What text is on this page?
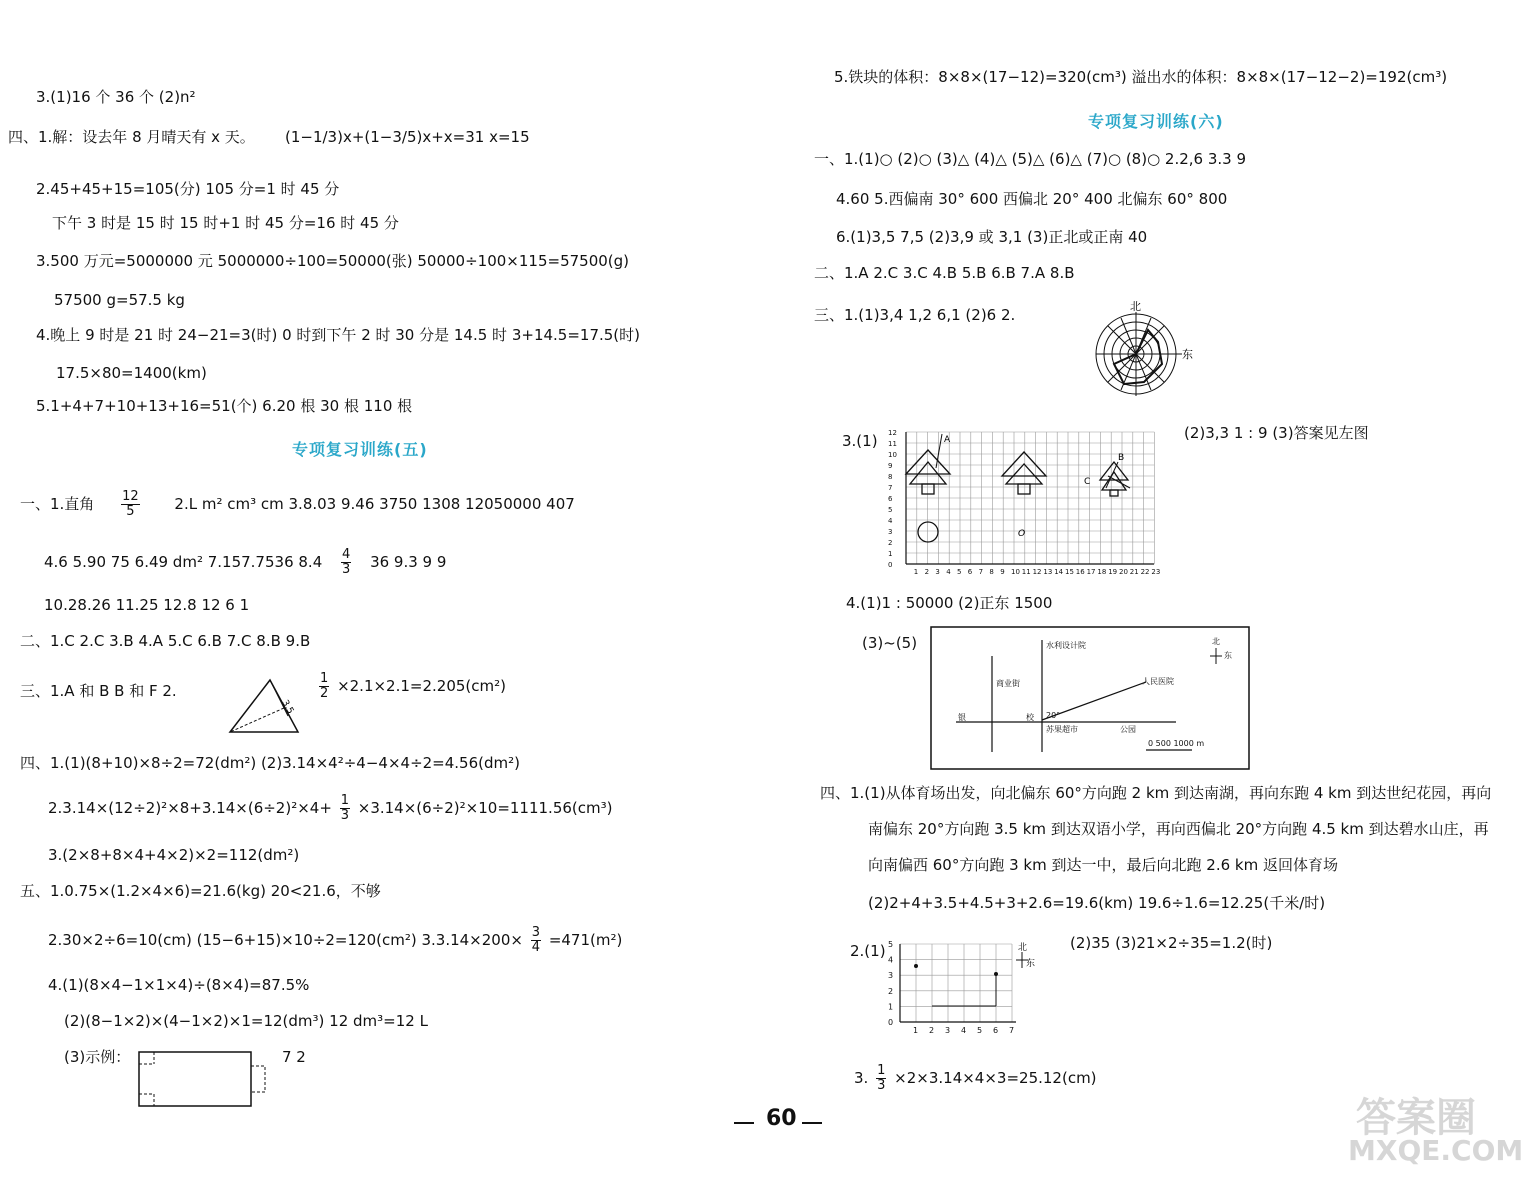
3.(1)16 个 36 个 (2)n²
四、1.解：设去年 8 月晴天有 x 天。 (1−1/3)x+(1−3/5)x+x=31 x=15
2.45+45+15=105(分) 105 分=1 时 45 分
下午 3 时是 15 时 15 时+1 时 45 分=16 时 45 分
3.500 万元=5000000 元 5000000÷100=50000(张) 50000÷100×115=57500(g)
57500 g=57.5 kg
4.晚上 9 时是 21 时 24−21=3(时) 0 时到下午 2 时 30 分是 14.5 时 3+14.5=17.5(时)
17.5×80=1400(km)
5.1+4+7+10+13+16=51(个) 6.20 根 30 根 110 根
专项复习训练(五)
一、1.直角 $\frac{12}{5} 2.L$ m² cm³ cm 3.8.03 9.46 3750 1308 12050000 407
4.6 5.90 75 6.49 dm² 7.157.7536 $8.4 \frac{4}{3} 36$ 9.3 9 9
10.28.26 11.25 12.8 12 6 1
二、1.C 2.C 3.B 4.A 5.C 6.B 7.C 8.B 9.B
三、1.A 和 B B 和 F 2.
3.5
$\frac{1}{2} \times 2.1\times 2.1=2.205(cm^2)$
四、1.(1)(8+10)×8÷2=72(dm²) (2)3.14×4²÷4−4×4÷2=4.56(dm²)
$2.3.14\times(12\div 2)^2\times 8+3.14\times(6\div 2)^2\times 4+ \frac{1}{3} \times 3.14\times(6\div 2)^2\times 10=1111.56(cm^3)$
3.(2×8+8×4+4×2)×2=112(dm²)
五、1.0.75×(1.2×4×6)=21.6(kg) 20<21.6，不够
2.30×2÷6=10(cm) (15−6+15)×10÷2=120(cm²) $3.3.14\times 200\times \frac{3}{4} =471(m^2)$
4.(1)(8×4−1×1×4)÷(8×4)=87.5%
(2)(8−1×2)×(4−1×2)×1=12(dm³) 12 dm³=12 L
(3)示例：	7 2
5.铁块的体积：8×8×(17−12)=320(cm³) 溢出水的体积：8×8×(17−12−2)=192(cm³)
专项复习训练(六)
一、1.(1)○ (2)○ (3)△ (4)△ (5)△ (6)△ (7)○ (8)○ 2.2,6 3.3 9
4.60 5.西偏南 30° 600 西偏北 20° 400 北偏东 60° 800
6.(1)3,5 7,5 (2)3,9 或 3,1 (3)正北或正南 40
二、1.A 2.C 3.C 4.B 5.B 6.B 7.A 8.B
三、1.(1)3,4 1,2 6,1 (2)6 2.	北
东
3.(1)
1 2 3 4 5 6 7 8 9 10 11 12 13 14 15 16 17 18 19 20 21 22 23
12
11
10
9
8
7
6
5
4
3
2
1
0
A
B
C
O
(2)3,3 1 : 9 (3)答案见左图
4.(1)1 : 50000 (2)正东 1500
(3)~(5)	水利设计院
商业街	人民医院
苏果超市
校
公园
银	20°
北
东
0 500 1000 m
四、1.(1)从体育场出发，向北偏东 60°方向跑 2 km 到达南湖，再向东跑 4 km 到达世纪花园，再向
南偏东 20°方向跑 3.5 km 到达双语小学，再向西偏北 20°方向跑 4.5 km 到达碧水山庄，再
向南偏西 60°方向跑 3 km 到达一中，最后向北跑 2.6 km 返回体育场
(2)2+4+3.5+4.5+3+2.6=19.6(km) 19.6÷1.6=12.25(千米/时)
2.(1)
1 2 3 4 5 6 7
5
4
3
2
1
0
北
东
(2)35 (3)21×2÷35=1.2(时)
3. $\frac{1}{3} \times 2\times 3.14\times 4\times 3=25.12(cm)$
60	答案圈
MXQE.COM
